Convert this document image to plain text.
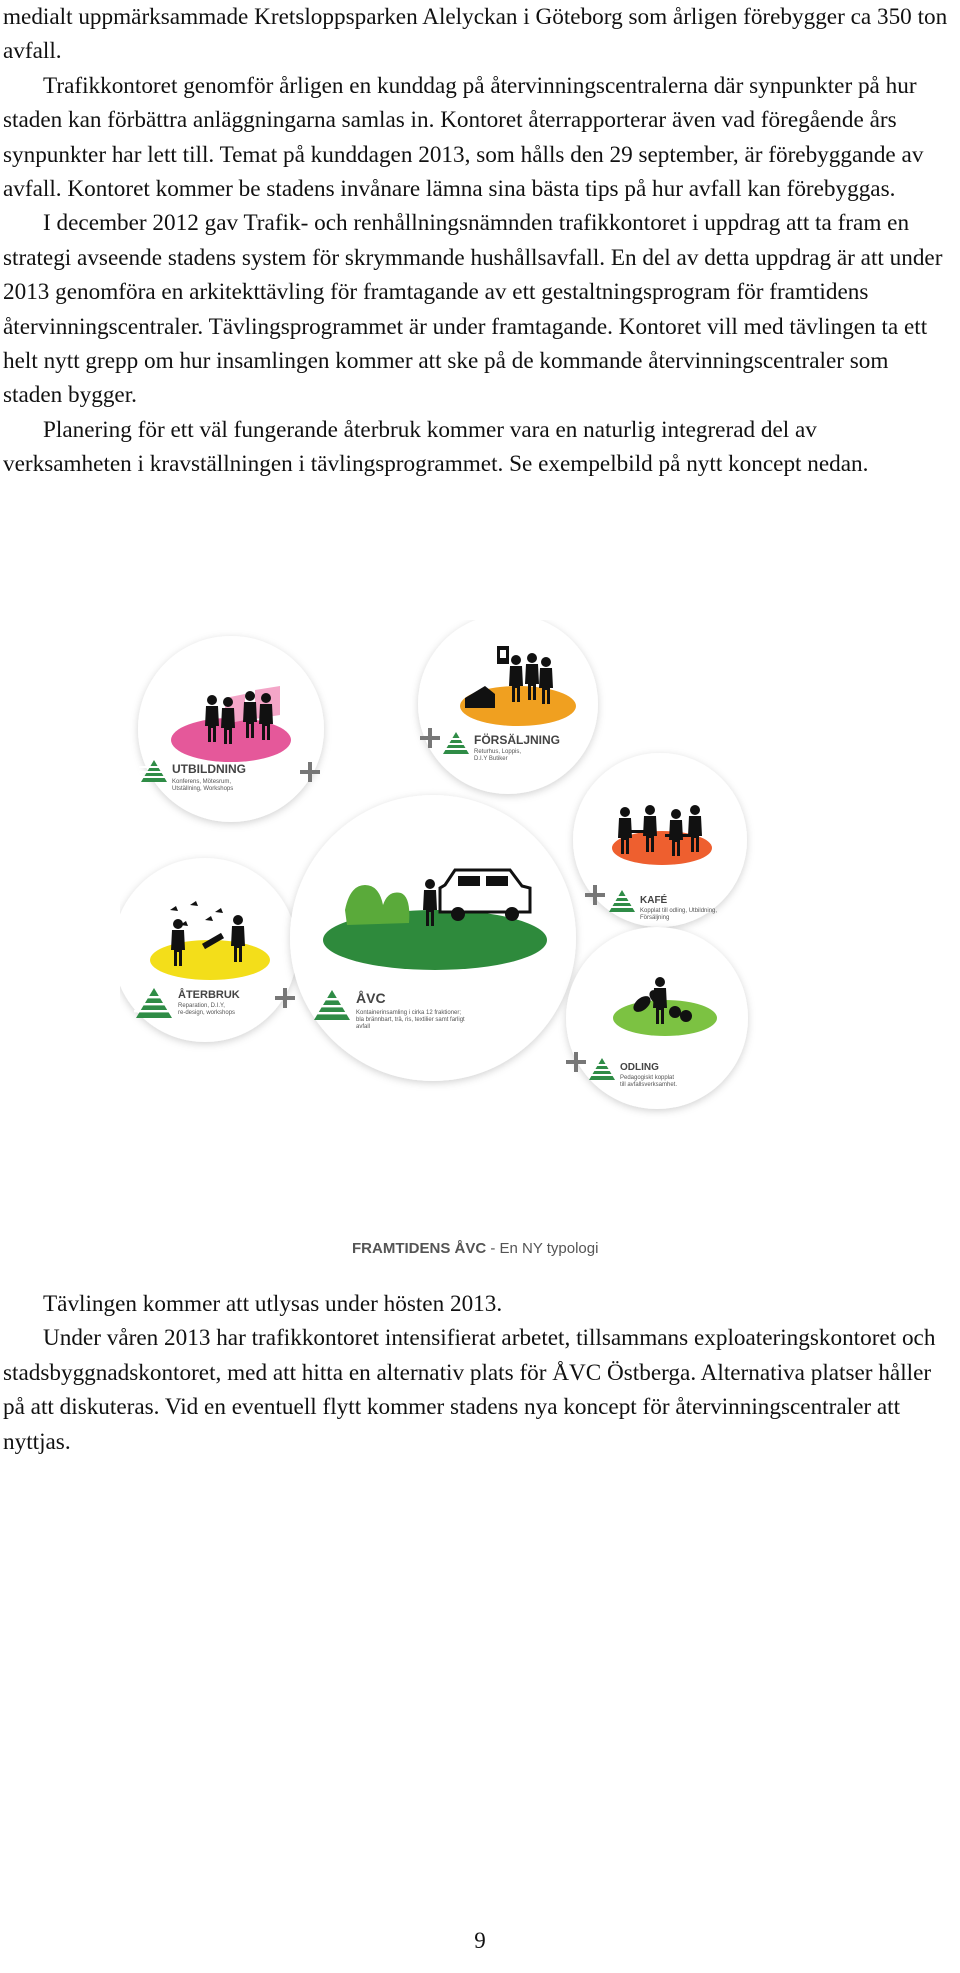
medialt uppmärksammade Kretsloppsparken Alelyckan i Göteborg som årligen förebygger ca 350 ton avfall.

Trafikkontoret genomför årligen en kunddag på återvinningscentralerna där synpunkter på hur staden kan förbättra anläggningarna samlas in. Kontoret återrapporterar även vad föregående års synpunkter har lett till. Temat på kunddagen 2013, som hålls den 29 september, är förebyggande av avfall. Kontoret kommer be stadens invånare lämna sina bästa tips på hur avfall kan förebyggas.

I december 2012 gav Trafik- och renhållningsnämnden trafikkontoret i uppdrag att ta fram en strategi avseende stadens system för skrymmande hushållsavfall. En del av detta uppdrag är att under 2013 genomföra en arkitekttävling för framtagande av ett gestaltningsprogram för framtidens återvinningscentraler. Tävlingsprogrammet är under framtagande. Kontoret vill med tävlingen ta ett helt nytt grepp om hur insamlingen kommer att ske på de kommande återvinningscentraler som staden bygger.

Planering för ett väl fungerande återbruk kommer vara en naturlig integrerad del av verksamheten i kravställningen i tävlingsprogrammet. Se exempelbild på nytt koncept nedan.

UTBILDNING
Konferens, Mötesrum,
Utställning, Workshops
FÖRSÄLJNING
Returhus, Loppis,
D.I.Y Butiker
KAFÉ
Kopplat till odling, Utbildning,
Försäljning
ÅTERBRUK
Reparation, D.I.Y,
re-design, workshops
ÅVC
Kontainerinsamling i cirka 12 fraktioner;
bla brännbart, trä, ris, textilier samt farligt
avfall
ODLING
Pedagogiskt kopplat
till avfallsverksamhet.
FRAMTIDENS ÅVC - En NY typologi

Tävlingen kommer att utlysas under hösten 2013.

Under våren 2013 har trafikkontoret intensifierat arbetet, tillsammans exploateringskontoret och stadsbyggnadskontoret, med att hitta en alternativ plats för ÅVC Östberga. Alternativa platser håller på att diskuteras. Vid en eventuell flytt kommer stadens nya koncept för återvinningscentraler att nyttjas.

9
